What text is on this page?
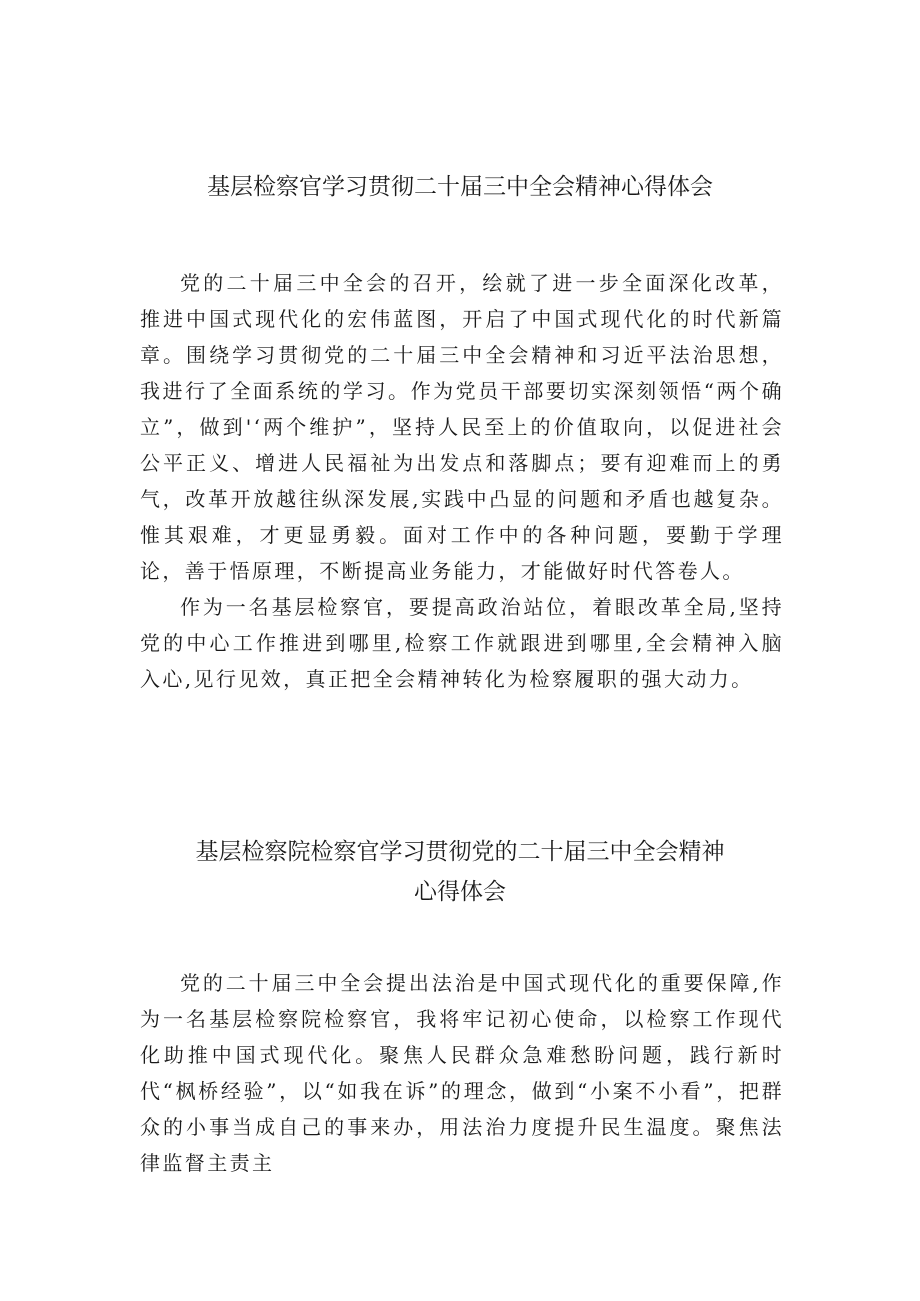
基层检察官学习贯彻二十届三中全会精神心得体会

党的二十届三中全会的召开，绘就了进一步全面深化改革，推进中国式现代化的宏伟蓝图，开启了中国式现代化的时代新篇章。围绕学习贯彻党的二十届三中全会精神和习近平法治思想，我进行了全面系统的学习。作为党员干部要切实深刻领悟“两个确立”，做到'‘两个维护”，坚持人民至上的价值取向，以促进社会公平正义、增进人民福祉为出发点和落脚点；要有迎难而上的勇气，改革开放越往纵深发展,实践中凸显的问题和矛盾也越复杂。惟其艰难，才更显勇毅。面对工作中的各种问题，要勤于学理论，善于悟原理，不断提高业务能力，才能做好时代答卷人。

作为一名基层检察官，要提高政治站位，着眼改革全局,坚持党的中心工作推进到哪里,检察工作就跟进到哪里,全会精神入脑入心,见行见效，真正把全会精神转化为检察履职的强大动力。

基层检察院检察官学习贯彻党的二十届三中全会精神
心得体会

党的二十届三中全会提出法治是中国式现代化的重要保障,作为一名基层检察院检察官，我将牢记初心使命，以检察工作现代化助推中国式现代化。聚焦人民群众急难愁盼问题，践行新时代“枫桥经验”，以“如我在诉”的理念，做到“小案不小看”，把群众的小事当成自己的事来办，用法治力度提升民生温度。聚焦法律监督主责主
